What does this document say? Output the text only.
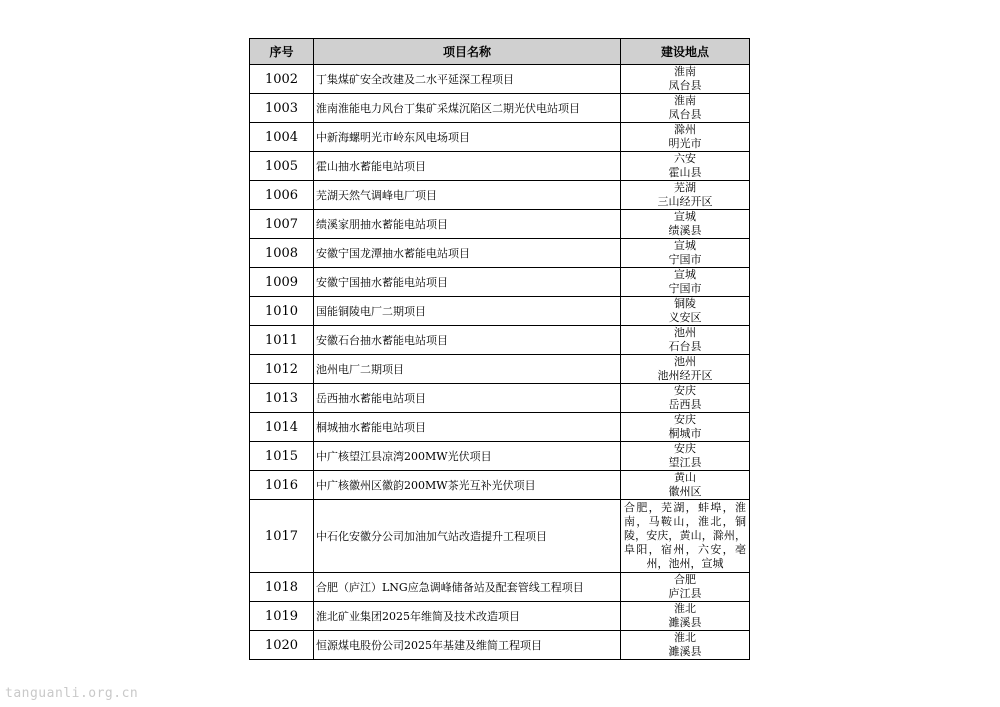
序号	项目名称	建设地点
1002	丁集煤矿安全改建及二水平延深工程项目	淮南
凤台县

1003	淮南淮能电力风台丁集矿采煤沉陷区二期光伏电站项目	淮南
凤台县

1004	中新海螺明光市岭东风电场项目	滁州
明光市

1005	霍山抽水蓄能电站项目	六安
霍山县

1006	芜湖天然气调峰电厂项目	芜湖
三山经开区

1007	绩溪家朋抽水蓄能电站项目	宣城
绩溪县

1008	安徽宁国龙潭抽水蓄能电站项目	宣城
宁国市

1009	安徽宁国抽水蓄能电站项目	宣城
宁国市

1010	国能铜陵电厂二期项目	铜陵
义安区

1011	安徽石台抽水蓄能电站项目	池州
石台县

1012	池州电厂二期项目	池州
池州经开区

1013	岳西抽水蓄能电站项目	安庆
岳西县

1014	桐城抽水蓄能电站项目	安庆
桐城市

1015	中广核望江县凉湾200MW光伏项目	安庆
望江县

1016	中广核徽州区徽韵200MW茶光互补光伏项目	黄山
徽州区

1017	中石化安徽分公司加油加气站改造提升工程项目	合肥，芜湖，蚌埠，淮南，马鞍山，淮北，铜陵，安庆，黄山，滁州，阜阳，宿州，六安，亳州，池州，宣城
1018	合肥（庐江）LNG应急调峰储备站及配套管线工程项目	合肥
庐江县

1019	淮北矿业集团2025年维简及技术改造项目	淮北
濉溪县

1020	恒源煤电股份公司2025年基建及维简工程项目	淮北
濉溪县
tanguanli.org.cn
